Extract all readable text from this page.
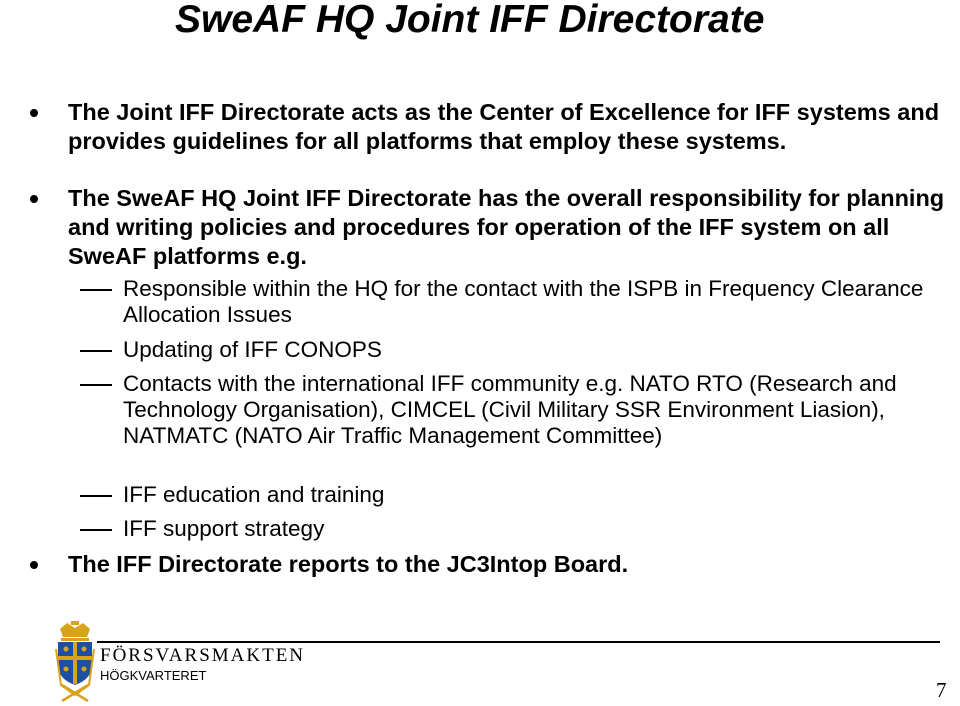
SweAF HQ Joint IFF Directorate
The Joint IFF Directorate acts as the Center of Excellence for IFF systems and provides guidelines for all platforms that employ these systems.
The SweAF HQ Joint IFF Directorate has the overall responsibility for planning and writing policies and procedures for operation of the IFF system on all SweAF platforms e.g.
Responsible within the HQ for the contact with the ISPB in Frequency Clearance Allocation Issues
Updating of IFF CONOPS
Contacts with the international IFF community e.g. NATO RTO (Research and Technology Organisation), CIMCEL (Civil Military SSR Environment Liasion), NATMATC (NATO Air Traffic Management Committee)
IFF education and training
IFF support strategy
The IFF Directorate reports to the JC3Intop Board.
FÖRSVARSMAKTEN
HÖGKVARTERET
7
